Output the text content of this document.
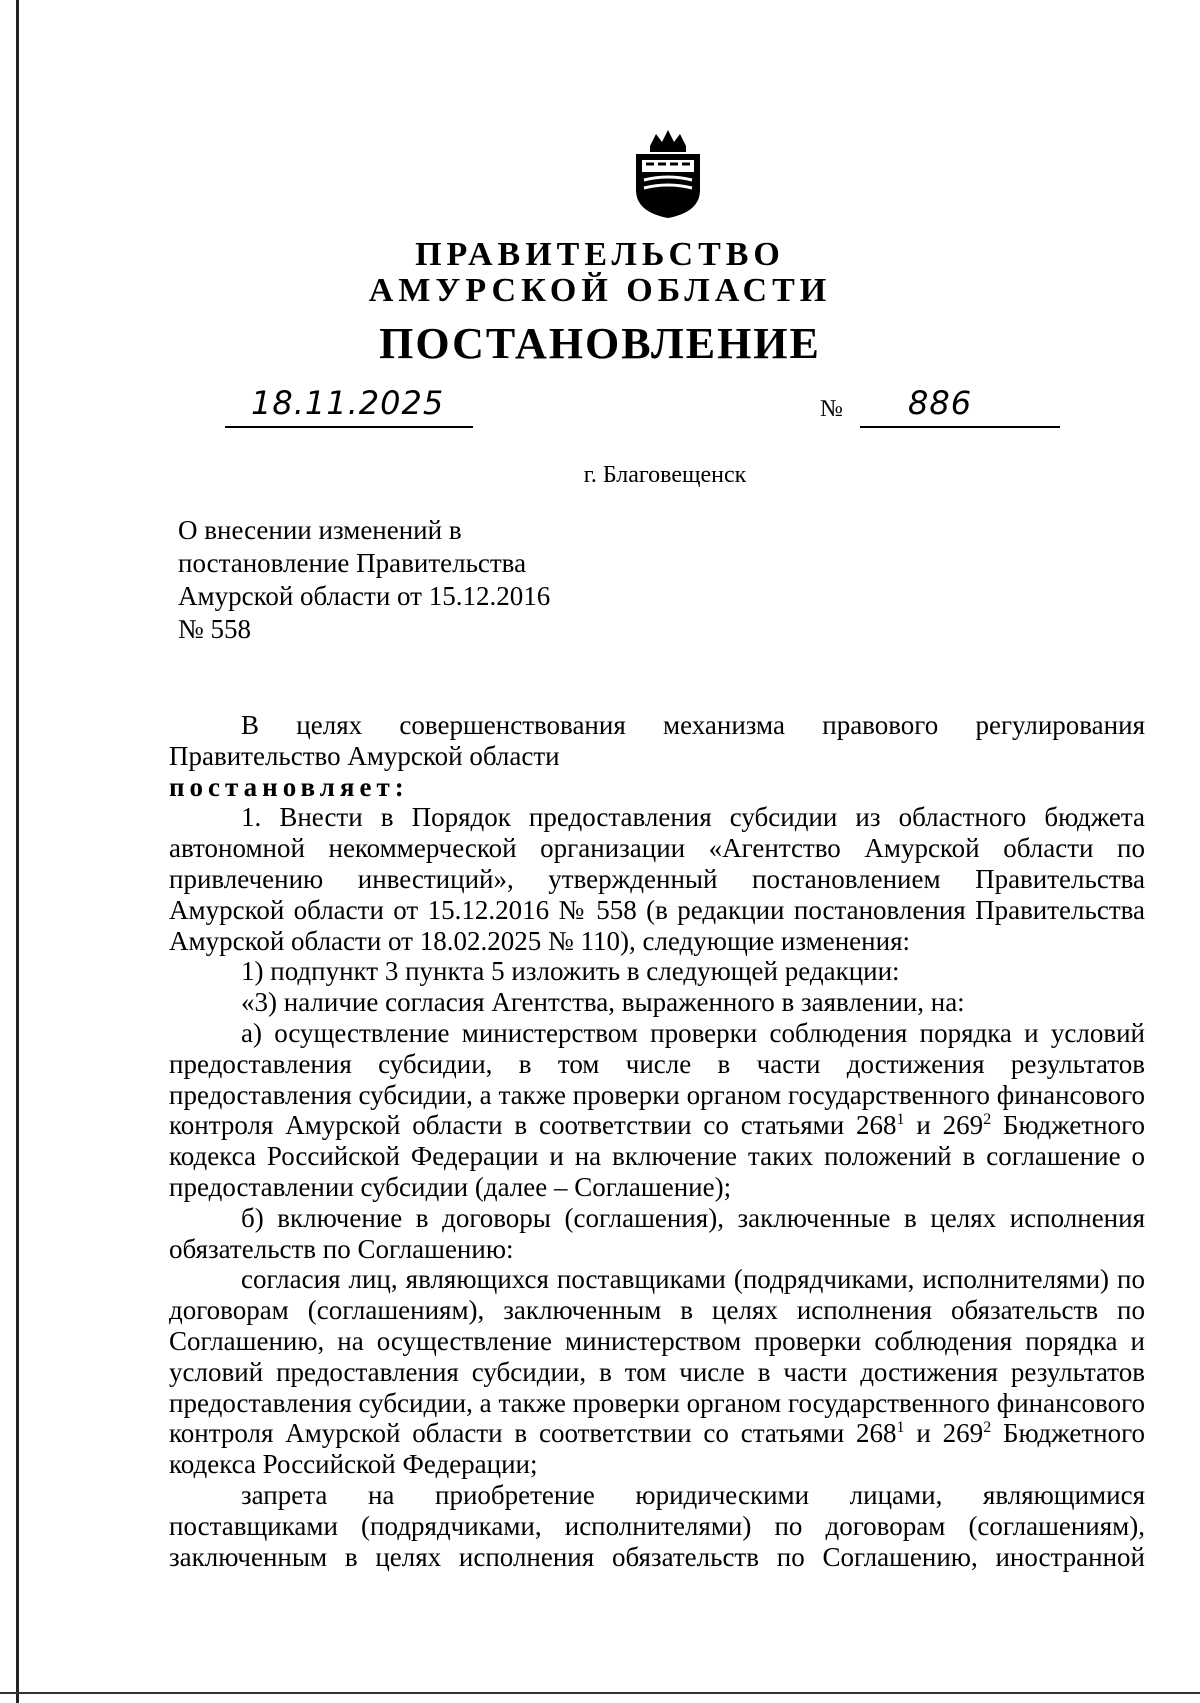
ПРАВИТЕЛЬСТВО
АМУРСКОЙ ОБЛАСТИ
ПОСТАНОВЛЕНИЕ
18.11.2025	№ 886
г. Благовещенск
О внесении изменений в
постановление Правительства
Амурской области от 15.12.2016
№ 558
В целях совершенствования механизма правового регулирования Правительство Амурской области
постановляет:
1. Внести в Порядок предоставления субсидии из областного бюджета автономной некоммерческой организации «Агентство Амурской области по привлечению инвестиций», утвержденный постановлением Правительства Амурской области от 15.12.2016 № 558 (в редакции постановления Правительства Амурской области от 18.02.2025 № 110), следующие изменения:
1) подпункт 3 пункта 5 изложить в следующей редакции:
«3) наличие согласия Агентства, выраженного в заявлении, на:
а) осуществление министерством проверки соблюдения порядка и условий предоставления субсидии, в том числе в части достижения результатов предоставления субсидии, а также проверки органом государственного финансового контроля Амурской области в соответствии со статьями $268^1$ и $269^2$ Бюджетного кодекса Российской Федерации и на включение таких положений в соглашение о предоставлении субсидии (далее – Соглашение);
б) включение в договоры (соглашения), заключенные в целях исполнения обязательств по Соглашению:
согласия лиц, являющихся поставщиками (подрядчиками, исполнителями) по договорам (соглашениям), заключенным в целях исполнения обязательств по Соглашению, на осуществление министерством проверки соблюдения порядка и условий предоставления субсидии, в том числе в части достижения результатов предоставления субсидии, а также проверки органом государственного финансового контроля Амурской области в соответствии со статьями $268^1$ и $269^2$ Бюджетного кодекса Российской Федерации;
запрета на приобретение юридическими лицами, являющимися поставщиками (подрядчиками, исполнителями) по договорам (соглашениям), заключенным в целях исполнения обязательств по Соглашению, иностранной
